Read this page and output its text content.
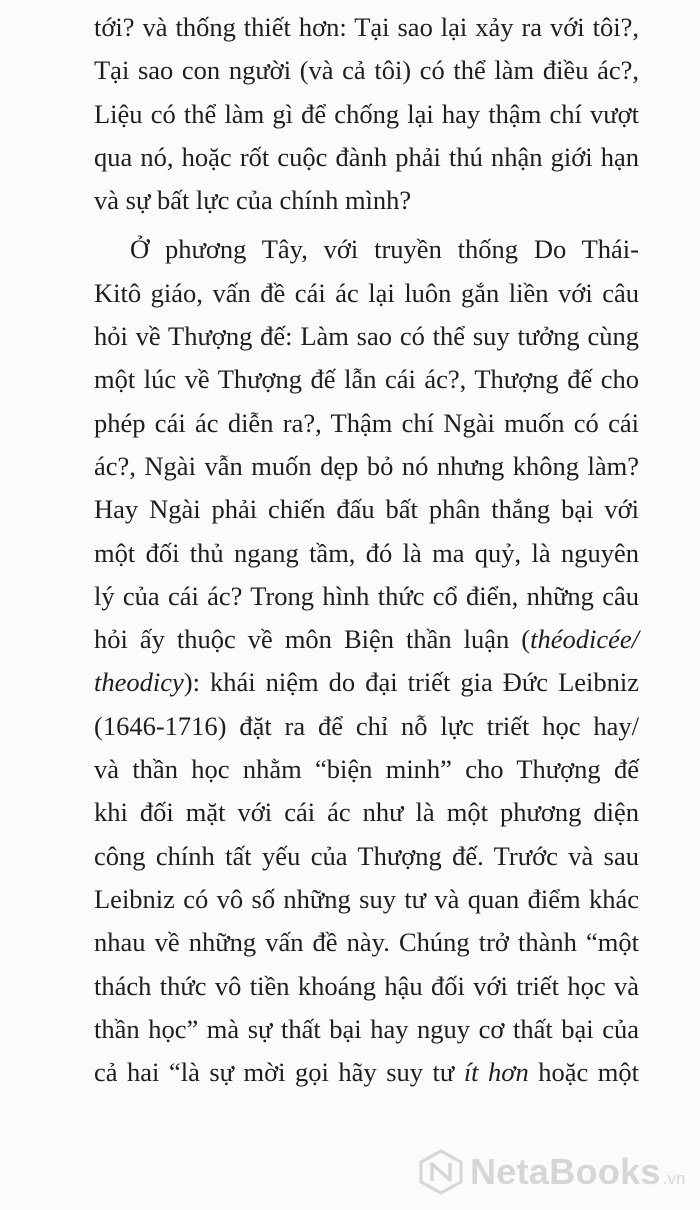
tới? và thống thiết hơn: Tại sao lại xảy ra với tôi?,
Tại sao con người (và cả tôi) có thể làm điều ác?,
Liệu có thể làm gì để chống lại hay thậm chí vượt
qua nó, hoặc rốt cuộc đành phải thú nhận giới hạn
và sự bất lực của chính mình?
Ở phương Tây, với truyền thống Do Thái-
Kitô giáo, vấn đề cái ác lại luôn gắn liền với câu
hỏi về Thượng đế: Làm sao có thể suy tưởng cùng
một lúc về Thượng đế lẫn cái ác?, Thượng đế cho
phép cái ác diễn ra?, Thậm chí Ngài muốn có cái
ác?, Ngài vẫn muốn dẹp bỏ nó nhưng không làm?
Hay Ngài phải chiến đấu bất phân thắng bại với
một đối thủ ngang tầm, đó là ma quỷ, là nguyên
lý của cái ác? Trong hình thức cổ điển, những câu
hỏi ấy thuộc về môn Biện thần luận (théodicée/
theodicy): khái niệm do đại triết gia Đức Leibniz
(1646-1716) đặt ra để chỉ nỗ lực triết học hay/
và thần học nhằm “biện minh” cho Thượng đế
khi đối mặt với cái ác như là một phương diện
công chính tất yếu của Thượng đế. Trước và sau
Leibniz có vô số những suy tư và quan điểm khác
nhau về những vấn đề này. Chúng trở thành “một
thách thức vô tiền khoáng hậu đối với triết học và
thần học” mà sự thất bại hay nguy cơ thất bại của
cả hai “là sự mời gọi hãy suy tư ít hơn hoặc một
NetaBooks .vn
